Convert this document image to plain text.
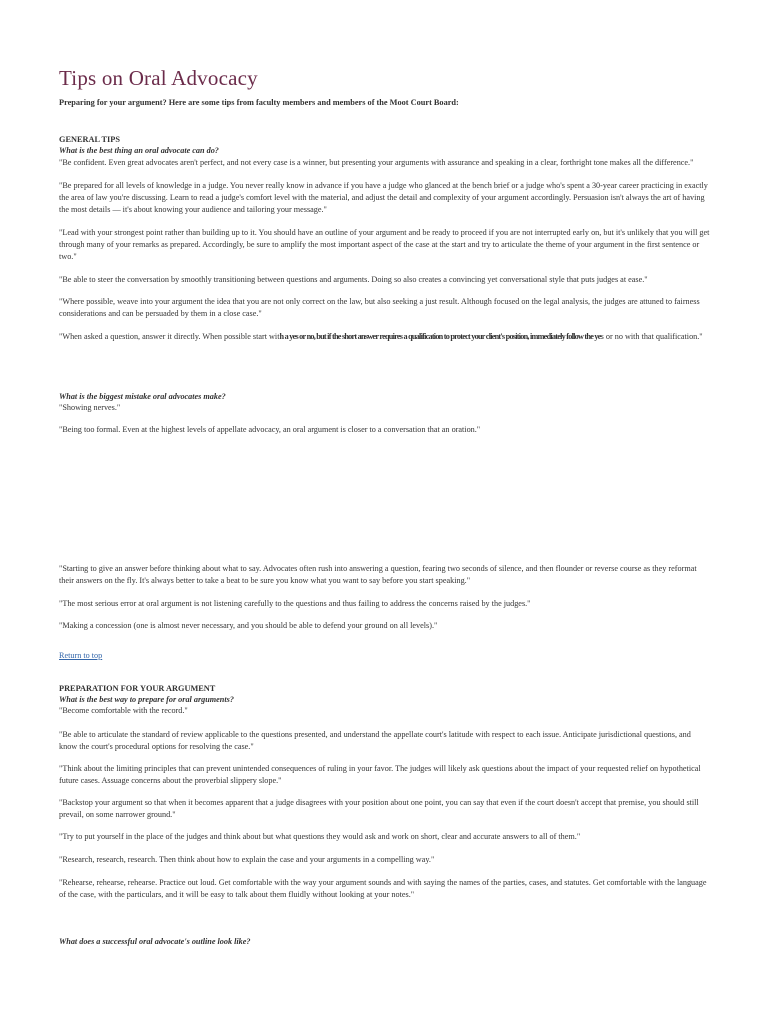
Tips on Oral Advocacy
Preparing for your argument? Here are some tips from faculty members and members of the Moot Court Board:

GENERAL TIPS

What is the best thing an oral advocate can do?

"Be confident. Even great advocates aren't perfect, and not every case is a winner, but presenting your arguments with assurance and speaking in a clear, forthright tone makes all the difference."

"Be prepared for all levels of knowledge in a judge. You never really know in advance if you have a judge who glanced at the bench brief or a judge who's spent a 30-year career practicing in exactly the area of law you're discussing. Learn to read a judge's comfort level with the material, and adjust the detail and complexity of your argument accordingly. Persuasion isn't always the art of having the most details — it's about knowing your audience and tailoring your message."

"Lead with your strongest point rather than building up to it. You should have an outline of your argument and be ready to proceed if you are not interrupted early on, but it's unlikely that you will get through many of your remarks as prepared. Accordingly, be sure to amplify the most important aspect of the case at the start and try to articulate the theme of your argument in the first sentence or two."

"Be able to steer the conversation by smoothly transitioning between questions and arguments. Doing so also creates a convincing yet conversational style that puts judges at ease."

"Where possible, weave into your argument the idea that you are not only correct on the law, but also seeking a just result. Although focused on the legal analysis, the judges are attuned to fairness considerations and can be persuaded by them in a close case."

"When asked a question, answer it directly. When possible start with a yes or no, but if the short answer requires a qualification to protect your client's position, immediately follow the yes or no with that qualification."

What is the biggest mistake oral advocates make?

"Showing nerves."

"Being too formal. Even at the highest levels of appellate advocacy, an oral argument is closer to a conversation that an oration."

"Starting to give an answer before thinking about what to say. Advocates often rush into answering a question, fearing two seconds of silence, and then flounder or reverse course as they reformat their answers on the fly. It's always better to take a beat to be sure you know what you want to say before you start speaking."

"The most serious error at oral argument is not listening carefully to the questions and thus failing to address the concerns raised by the judges."

"Making a concession (one is almost never necessary, and you should be able to defend your ground on all levels)."

Return to top

PREPARATION FOR YOUR ARGUMENT

What is the best way to prepare for oral arguments?

"Become comfortable with the record."

"Be able to articulate the standard of review applicable to the questions presented, and understand the appellate court's latitude with respect to each issue. Anticipate jurisdictional questions, and know the court's procedural options for resolving the case."

"Think about the limiting principles that can prevent unintended consequences of ruling in your favor. The judges will likely ask questions about the impact of your requested relief on hypothetical future cases. Assuage concerns about the proverbial slippery slope."

"Backstop your argument so that when it becomes apparent that a judge disagrees with your position about one point, you can say that even if the court doesn't accept that premise, you should still prevail, on some narrower ground."

"Try to put yourself in the place of the judges and think about but what questions they would ask and work on short, clear and accurate answers to all of them."

"Research, research, research. Then think about how to explain the case and your arguments in a compelling way."

"Rehearse, rehearse, rehearse. Practice out loud. Get comfortable with the way your argument sounds and with saying the names of the parties, cases, and statutes. Get comfortable with the language of the case, with the particulars, and it will be easy to talk about them fluidly without looking at your notes."

What does a successful oral advocate's outline look like?
